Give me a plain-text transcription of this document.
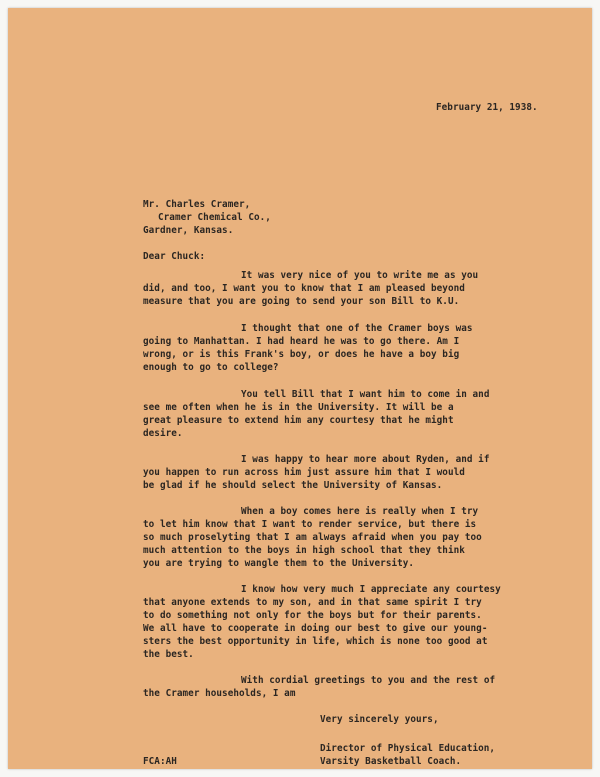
February 21, 1938.
Mr. Charles Cramer,
Cramer Chemical Co.,
Gardner, Kansas.
Dear Chuck:
It was very nice of you to write me as you
did, and too, I want you to know that I am pleased beyond
measure that you are going to send your son Bill to K.U.
I thought that one of the Cramer boys was
going to Manhattan. I had heard he was to go there. Am I
wrong, or is this Frank's boy, or does he have a boy big
enough to go to college?
You tell Bill that I want him to come in and
see me often when he is in the University. It will be a
great pleasure to extend him any courtesy that he might
desire.
I was happy to hear more about Ryden, and if
you happen to run across him just assure him that I would
be glad if he should select the University of Kansas.
When a boy comes here is really when I try
to let him know that I want to render service, but there is
so much proselyting that I am always afraid when you pay too
much attention to the boys in high school that they think
you are trying to wangle them to the University.
I know how very much I appreciate any courtesy
that anyone extends to my son, and in that same spirit I try
to do something not only for the boys but for their parents.
We all have to cooperate in doing our best to give our young-
sters the best opportunity in life, which is none too good at
the best.
With cordial greetings to you and the rest of
the Cramer households, I am
Very sincerely yours,
Director of Physical Education,
Varsity Basketball Coach.
FCA:AH
